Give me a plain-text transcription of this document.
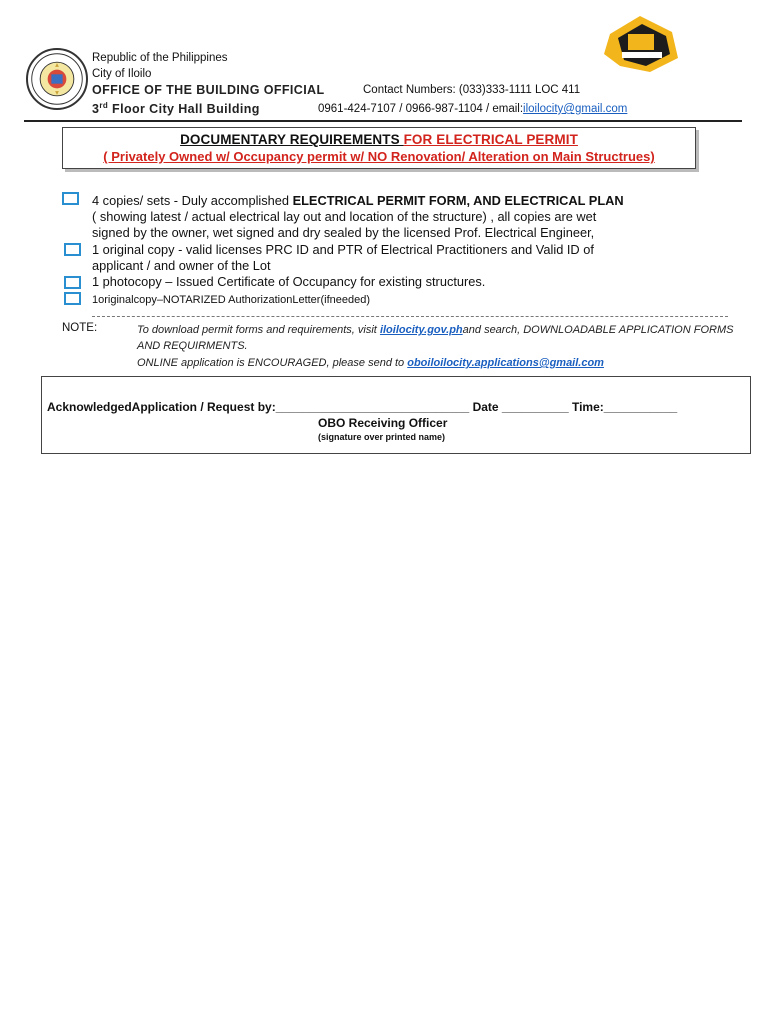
Republic of the Philippines
City of Iloilo
OFFICE OF THE BUILDING OFFICIAL
3rd Floor City Hall Building
Contact Numbers: (033)333-1111 LOC 411
0961-424-7107 / 0966-987-1104 / email:iloilocity@gmail.com
DOCUMENTARY REQUIREMENTS FOR ELECTRICAL PERMIT
( Privately Owned w/ Occupancy permit w/ NO Renovation/ Alteration on Main Structrues)
4 copies/ sets - Duly accomplished ELECTRICAL PERMIT FORM, AND ELECTRICAL PLAN
( showing latest / actual electrical lay out and location of the structure) , all copies are wet
signed by the owner, wet signed and dry sealed by the licensed Prof. Electrical Engineer,
1 original copy - valid licenses PRC ID and PTR of Electrical Practitioners and Valid ID of
applicant / and owner of the Lot
1 photocopy – Issued Certificate of Occupancy for existing structures.
1originalcopy–NOTARIZED AuthorizationLetter(ifneeded)
NOTE:	To download permit forms and requirements, visit iloilocity.gov.phand search, DOWNLOADABLE APPLICATION FORMS
AND REQUIRMENTS.
ONLINE application is ENCOURAGED, please send to oboiloilocity.applications@gmail.com
AcknowledgedApplication / Request by:_____________________________ Date __________ Time:___________
OBO Receiving Officer
(signature over printed name)
